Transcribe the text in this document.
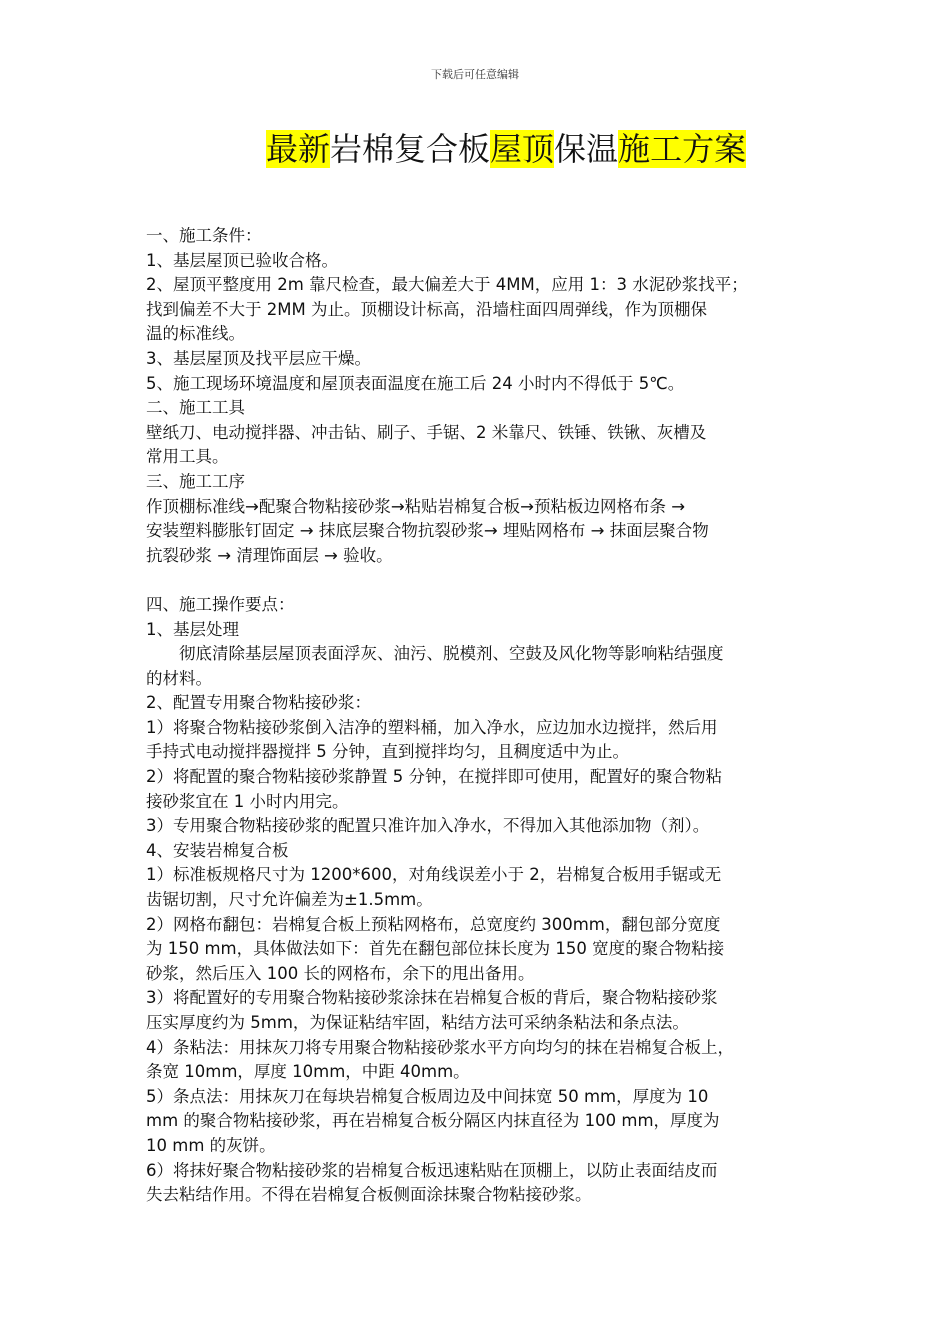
下载后可任意编辑
最新岩棉复合板屋顶保温施工方案
一、施工条件：
1、基层屋顶已验收合格。
2、屋顶平整度用 2m 靠尺检查，最大偏差大于 4MM，应用 1：3 水泥砂浆找平；
找到偏差不大于 2MM 为止。顶棚设计标高，沿墙柱面四周弹线，作为顶棚保
温的标准线。
3、基层屋顶及找平层应干燥。
5、施工现场环境温度和屋顶表面温度在施工后 24 小时内不得低于 5℃。
二、施工工具
壁纸刀、电动搅拌器、冲击钻、刷子、手锯、2 米靠尺、铁锤、铁锹、灰槽及
常用工具。
三、施工工序
作顶棚标准线→配聚合物粘接砂浆→粘贴岩棉复合板→预粘板边网格布条 →
安装塑料膨胀钉固定 → 抹底层聚合物抗裂砂浆→ 埋贴网格布 → 抹面层聚合物
抗裂砂浆 → 清理饰面层 → 验收。
四、施工操作要点：
1、基层处理
彻底清除基层屋顶表面浮灰、油污、脱模剂、空鼓及风化物等影响粘结强度
的材料。
2、配置专用聚合物粘接砂浆：
1）将聚合物粘接砂浆倒入洁净的塑料桶，加入净水，应边加水边搅拌，然后用
手持式电动搅拌器搅拌 5 分钟，直到搅拌均匀，且稠度适中为止。
2）将配置的聚合物粘接砂浆静置 5 分钟，在搅拌即可使用，配置好的聚合物粘
接砂浆宜在 1 小时内用完。
3）专用聚合物粘接砂浆的配置只准许加入净水，不得加入其他添加物（剂）。
4、安装岩棉复合板
1）标准板规格尺寸为 1200*600，对角线误差小于 2，岩棉复合板用手锯或无
齿锯切割，尺寸允许偏差为±1.5mm。
2）网格布翻包：岩棉复合板上预粘网格布，总宽度约 300mm，翻包部分宽度
为 150 mm，具体做法如下：首先在翻包部位抹长度为 150 宽度的聚合物粘接
砂浆，然后压入 100 长的网格布，余下的甩出备用。
3）将配置好的专用聚合物粘接砂浆涂抹在岩棉复合板的背后，聚合物粘接砂浆
压实厚度约为 5mm，为保证粘结牢固，粘结方法可采纳条粘法和条点法。
4）条粘法：用抹灰刀将专用聚合物粘接砂浆水平方向均匀的抹在岩棉复合板上，
条宽 10mm，厚度 10mm，中距 40mm。
5）条点法：用抹灰刀在每块岩棉复合板周边及中间抹宽 50 mm，厚度为 10
mm 的聚合物粘接砂浆，再在岩棉复合板分隔区内抹直径为 100 mm，厚度为
10 mm 的灰饼。
6）将抹好聚合物粘接砂浆的岩棉复合板迅速粘贴在顶棚上，以防止表面结皮而
失去粘结作用。不得在岩棉复合板侧面涂抹聚合物粘接砂浆。
